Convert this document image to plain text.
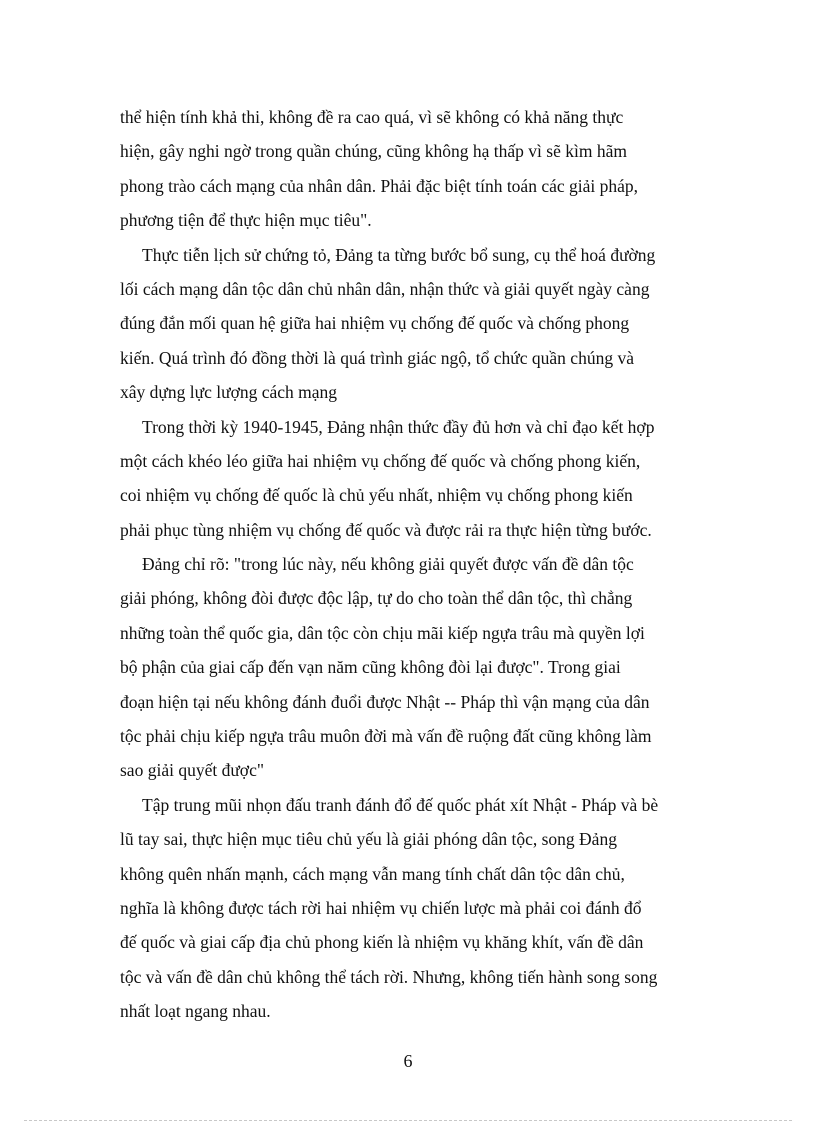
thể hiện tính khả thi, không đề ra cao quá, vì sẽ không có khả năng thực
hiện, gây nghi ngờ trong quần chúng, cũng không hạ thấp vì sẽ kìm hãm
phong trào cách mạng của nhân dân. Phải đặc biệt tính toán các giải pháp,
phương tiện để thực hiện mục tiêu".
Thực tiễn lịch sử chứng tỏ, Đảng ta từng bước bổ sung, cụ thể hoá đường
lối cách mạng dân tộc dân chủ nhân dân, nhận thức và giải quyết ngày càng
đúng đắn mối quan hệ giữa hai nhiệm vụ chống đế quốc và chống phong
kiến. Quá trình đó đồng thời là quá trình giác ngộ, tổ chức quần chúng và
xây dựng lực lượng cách mạng
Trong thời kỳ 1940-1945, Đảng nhận thức đầy đủ hơn và chỉ đạo kết hợp
một cách khéo léo giữa hai nhiệm vụ chống đế quốc và chống phong kiến,
coi nhiệm vụ chống đế quốc là chủ yếu nhất, nhiệm vụ chống phong kiến
phải phục tùng nhiệm vụ chống đế quốc và được rải ra thực hiện từng bước.
Đảng chỉ rõ: "trong lúc này, nếu không giải quyết được vấn đề dân tộc
giải phóng, không đòi được độc lập, tự do cho toàn thể dân tộc, thì chẳng
những toàn thể quốc gia, dân tộc còn chịu mãi kiếp ngựa trâu mà quyền lợi
bộ phận của giai cấp đến vạn năm cũng không đòi lại được". Trong giai
đoạn hiện tại nếu không đánh đuổi được Nhật -- Pháp thì vận mạng của dân
tộc phải chịu kiếp ngựa trâu muôn đời mà vấn đề ruộng đất cũng không làm
sao giải quyết được"
Tập trung mũi nhọn đấu tranh đánh đổ đế quốc phát xít Nhật - Pháp và bè
lũ tay sai, thực hiện mục tiêu chủ yếu là giải phóng dân tộc, song Đảng
không quên nhấn mạnh, cách mạng vẫn mang tính chất dân tộc dân chủ,
nghĩa là không được tách rời hai nhiệm vụ chiến lược mà phải coi đánh đổ
đế quốc và giai cấp địa chủ phong kiến là nhiệm vụ khăng khít, vấn đề dân
tộc và vấn đề dân chủ không thể tách rời. Nhưng, không tiến hành song song
nhất loạt ngang nhau.
6
